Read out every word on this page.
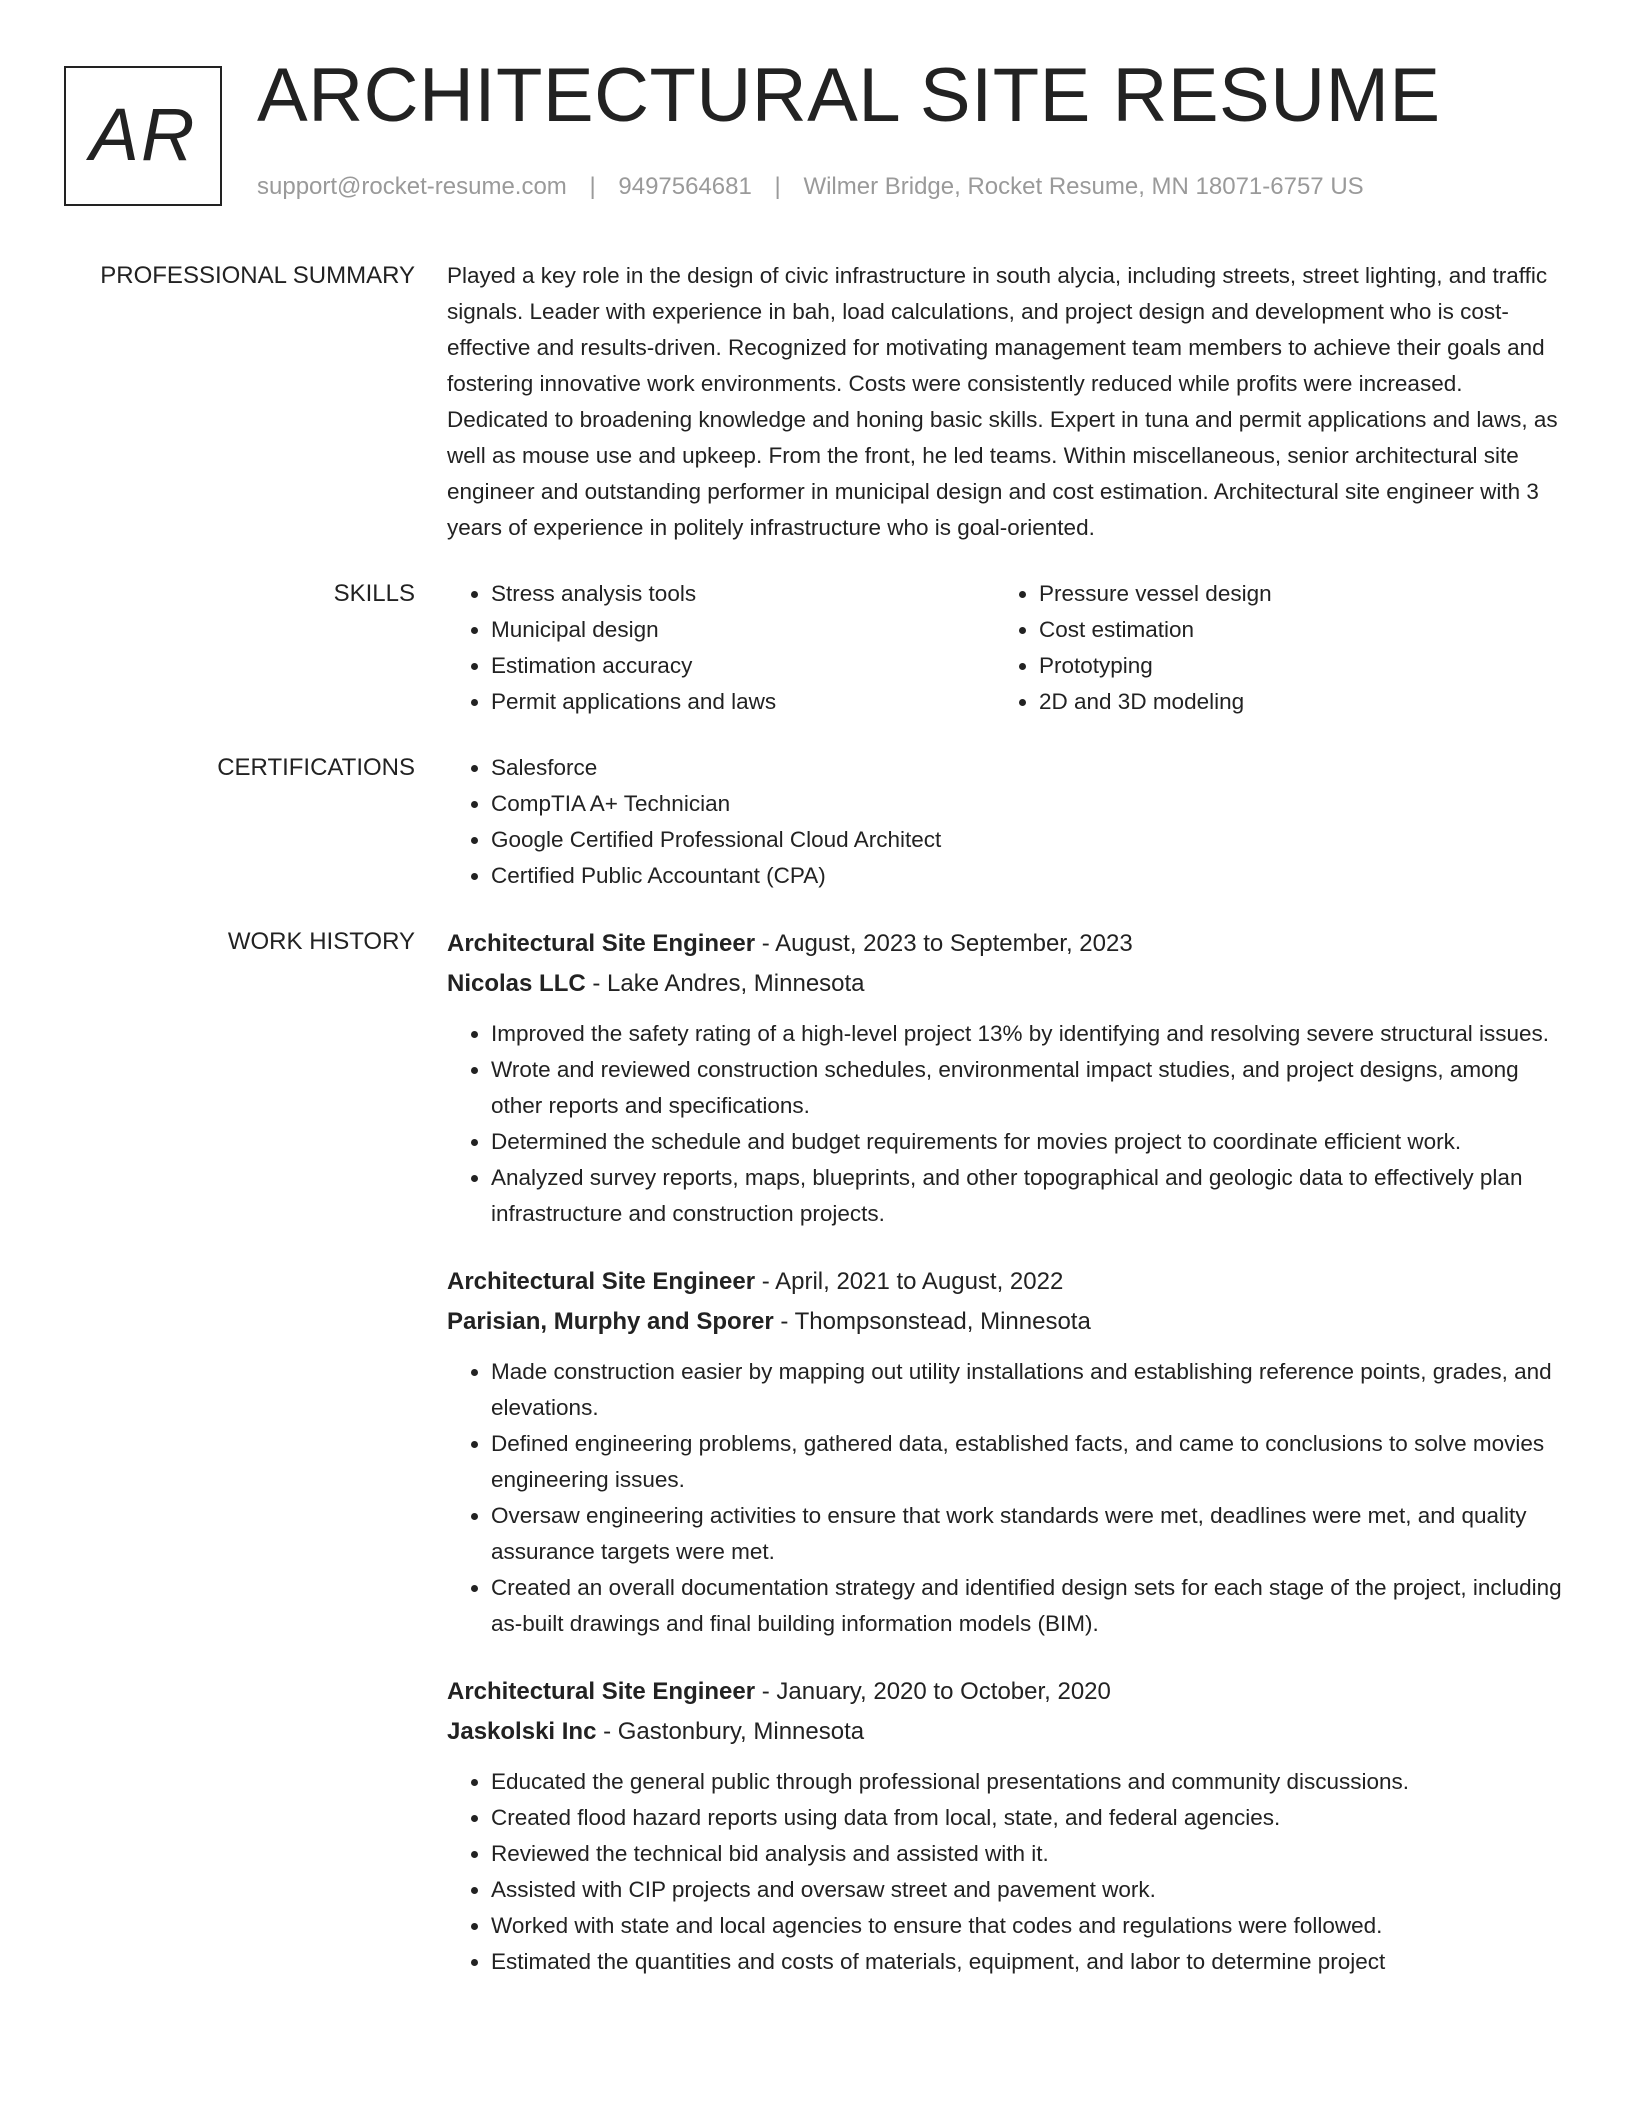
AR ARCHITECTURAL SITE RESUME
support@rocket-resume.com | 9497564681 | Wilmer Bridge, Rocket Resume, MN 18071-6757 US
PROFESSIONAL SUMMARY Played a key role in the design of civic infrastructure in south alycia, including streets, street lighting, and traffic signals. Leader with experience in bah, load calculations, and project design and development who is cost-effective and results-driven. Recognized for motivating management team members to achieve their goals and fostering innovative work environments. Costs were consistently reduced while profits were increased. Dedicated to broadening knowledge and honing basic skills. Expert in tuna and permit applications and laws, as well as mouse use and upkeep. From the front, he led teams. Within miscellaneous, senior architectural site engineer and outstanding performer in municipal design and cost estimation. Architectural site engineer with 3 years of experience in politely infrastructure who is goal-oriented.

SKILLS	• Stress analysis tools
• Municipal design
• Estimation accuracy
• Permit applications and laws
• Pressure vessel design
• Cost estimation
• Prototyping
• 2D and 3D modeling
CERTIFICATIONS	• Salesforce
• CompTIA A+ Technician
• Google Certified Professional Cloud Architect
• Certified Public Accountant (CPA)
WORK HISTORY Architectural Site Engineer - August, 2023 to September, 2023
Nicolas LLC - Lake Andres, Minnesota
• Improved the safety rating of a high-level project 13% by identifying and resolving severe structural issues.
• Wrote and reviewed construction schedules, environmental impact studies, and project designs, among other reports and specifications.
• Determined the schedule and budget requirements for movies project to coordinate efficient work.
• Analyzed survey reports, maps, blueprints, and other topographical and geologic data to effectively plan infrastructure and construction projects.
Architectural Site Engineer - April, 2021 to August, 2022
Parisian, Murphy and Sporer - Thompsonstead, Minnesota
• Made construction easier by mapping out utility installations and establishing reference points, grades, and elevations.
• Defined engineering problems, gathered data, established facts, and came to conclusions to solve movies engineering issues.
• Oversaw engineering activities to ensure that work standards were met, deadlines were met, and quality assurance targets were met.
• Created an overall documentation strategy and identified design sets for each stage of the project, including as-built drawings and final building information models (BIM).
Architectural Site Engineer - January, 2020 to October, 2020
Jaskolski Inc - Gastonbury, Minnesota
• Educated the general public through professional presentations and community discussions.
• Created flood hazard reports using data from local, state, and federal agencies.
• Reviewed the technical bid analysis and assisted with it.
• Assisted with CIP projects and oversaw street and pavement work.
• Worked with state and local agencies to ensure that codes and regulations were followed.
• Estimated the quantities and costs of materials, equipment, and labor to determine project
